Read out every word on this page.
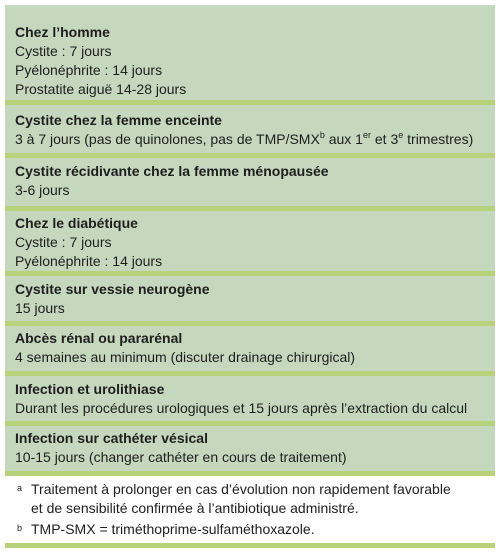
Chez l’homme
Cystite : 7 jours
Pyélonéphrite : 14 jours
Prostatite aiguë 14-28 jours
Cystite chez la femme enceinte
3 à 7 jours (pas de quinolones, pas de TMP/SMX$^b$ aux 1er et 3e trimestres)
Cystite récidivante chez la femme ménopausée
3-6 jours
Chez le diabétique
Cystite : 7 jours
Pyélonéphrite : 14 jours
Cystite sur vessie neurogène
15 jours
Abcès rénal ou pararénal
4 semaines au minimum (discuter drainage chirurgical)
Infection et urolithiase
Durant les procédures urologiques et 15 jours après l’extraction du calcul
Infection sur cathéter vésical
10-15 jours (changer cathéter en cours de traitement)
a Traitement à prolonger en cas d’évolution non rapidement favorable
et de sensibilité confirmée à l’antibiotique administré.
b TMP-SMX = triméthoprime-sulfaméthoxazole.
